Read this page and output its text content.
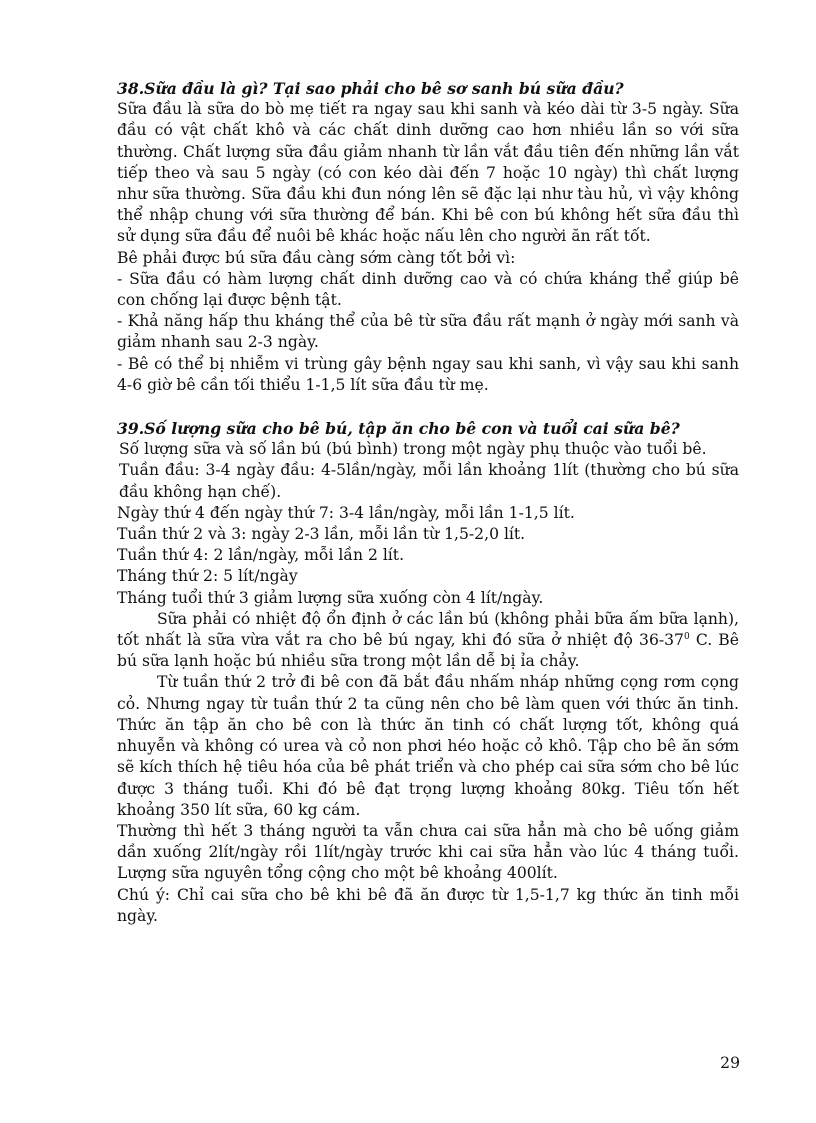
38.Sữa đầu là gì? Tại sao phải cho bê sơ sanh bú sữa đầu?

Sữa đầu là sữa do bò mẹ tiết ra ngay sau khi sanh và kéo dài từ 3-5 ngày. Sữa đầu có vật chất khô và các chất dinh dưỡng cao hơn nhiều lần so với sữa thường. Chất lượng sữa đầu giảm nhanh từ lần vắt đầu tiên đến những lần vắt tiếp theo và sau 5 ngày (có con kéo dài đến 7 hoặc 10 ngày) thì chất lượng như sữa thường. Sữa đầu khi đun nóng lên sẽ đặc lại như tàu hủ, vì vậy không thể nhập chung với sữa thường để bán. Khi bê con bú không hết sữa đầu thì sử dụng sữa đầu để nuôi bê khác hoặc nấu lên cho người ăn rất tốt.

Bê phải được bú sữa đầu càng sớm càng tốt bởi vì:

- Sữa đầu có hàm lượng chất dinh dưỡng cao và có chứa kháng thể giúp bê con chống lại được bệnh tật.

- Khả năng hấp thu kháng thể của bê từ sữa đầu rất mạnh ở ngày mới sanh và giảm nhanh sau 2-3 ngày.

- Bê có thể bị nhiễm vi trùng gây bệnh ngay sau khi sanh, vì vậy sau khi sanh 4-6 giờ bê cần tối thiểu 1-1,5 lít sữa đầu từ mẹ.

39.Số lượng sữa cho bê bú, tập ăn cho bê con và tuổi cai sữa bê?

Số lượng sữa và số lần bú (bú bình) trong một ngày phụ thuộc vào tuổi bê.

Tuần đầu: 3-4 ngày đầu: 4-5lần/ngày, mỗi lần khoảng 1lít (thường cho bú sữa đầu không hạn chế).

Ngày thứ 4 đến ngày thứ 7: 3-4 lần/ngày, mỗi lần 1-1,5 lít.

Tuần thứ 2 và 3: ngày 2-3 lần, mỗi lần từ 1,5-2,0 lít.

Tuần thứ 4: 2 lần/ngày, mỗi lần 2 lít.

Tháng thứ 2: 5 lít/ngày

Tháng tuổi thứ 3 giảm lượng sữa xuống còn 4 lít/ngày.

Sữa phải có nhiệt độ ổn định ở các lần bú (không phải bữa ấm bữa lạnh), tốt nhất là sữa vừa vắt ra cho bê bú ngay, khi đó sữa ở nhiệt độ $36-37^0$ C. Bê bú sữa lạnh hoặc bú nhiều sữa trong một lần dễ bị ỉa chảy.

Từ tuần thứ 2 trở đi bê con đã bắt đầu nhấm nháp những cọng rơm cọng cỏ. Nhưng ngay từ tuần thứ 2 ta cũng nên cho bê làm quen với thức ăn tinh. Thức ăn tập ăn cho bê con là thức ăn tinh có chất lượng tốt, không quá nhuyễn và không có urea và cỏ non phơi héo hoặc cỏ khô. Tập cho bê ăn sớm sẽ kích thích hệ tiêu hóa của bê phát triển và cho phép cai sữa sớm cho bê lúc được 3 tháng tuổi. Khi đó bê đạt trọng lượng khoảng 80kg. Tiêu tốn hết khoảng 350 lít sữa, 60 kg cám.

Thường thì hết 3 tháng người ta vẫn chưa cai sữa hẳn mà cho bê uống giảm dần xuống 2lít/ngày rồi 1lít/ngày trước khi cai sữa hẳn vào lúc 4 tháng tuổi. Lượng sữa nguyên tổng cộng cho một bê khoảng 400lít.

Chú ý: Chỉ cai sữa cho bê khi bê đã ăn được từ 1,5-1,7 kg thức ăn tinh mỗi ngày.

29
